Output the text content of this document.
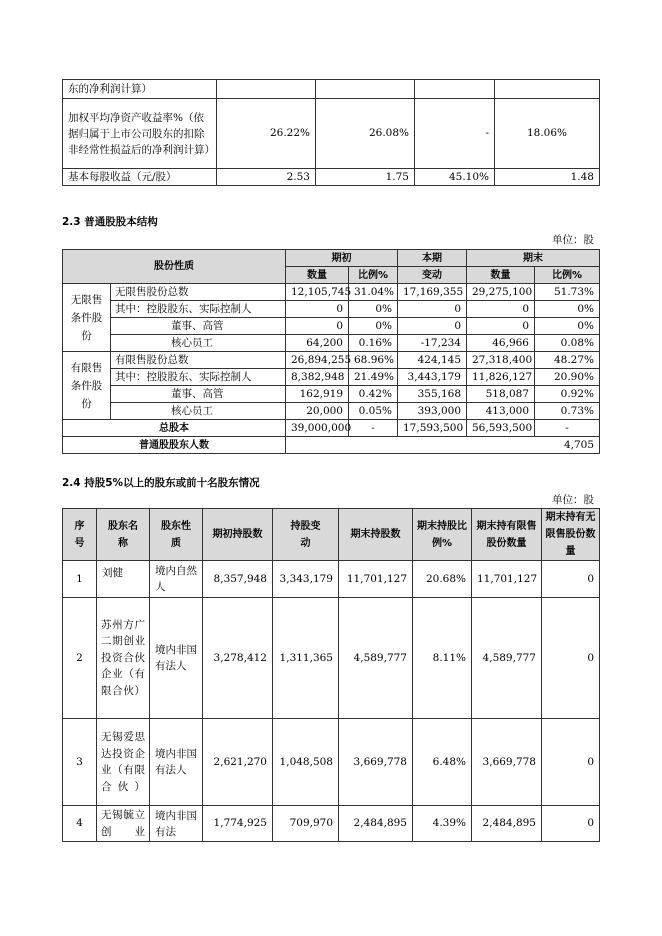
东的净利润计算）				
加权平均净资产收益率%（依据归属于上市公司股东的扣除非经常性损益后的净利润计算）	26.22%	26.08%	-	18.06%
基本每股收益（元/股）	2.53	1.75	45.10%	1.48
2.3 普通股股本结构
单位：股
股份性质		期初		本期	期末	
		数量	比例%	变动	数量	比例%
无限售条件股份	无限售股份总数	12,105,745	31.04%	17,169,355	29,275,100	51.73%
	其中：控股股东、实际控制人	0	0%	0	0	0%
	董事、高管	0	0%	0	0	0%
	核心员工	64,200	0.16%	-17,234	46,966	0.08%
有限售条件股份	有限售股份总数	26,894,255	68.96%	424,145	27,318,400	48.27%
	其中：控股股东、实际控制人	8,382,948	21.49%	3,443,179	11,826,127	20.90%
	董事、高管	162,919	0.42%	355,168	518,087	0.92%
	核心员工	20,000	0.05%	393,000	413,000	0.73%
总股本		39,000,000	-	17,593,500	56,593,500	-
普通股股东人数		4,705				
2.4 持股5%以上的股东或前十名股东情况
单位：股
序号	股东名称	股东性质	期初持股数	持股变动	期末持股数	期末持股比例%	期末持有限售股份数量	期末持有无限售股份数量
1	刘健	境内自然人	8,357,948	3,343,179	11,701,127	20.68%	11,701,127	0
2	苏州方广二期创业投资合伙企业（有限合伙）	境内非国有法人	3,278,412	1,311,365	4,589,777	8.11%	4,589,777	0
3	无锡爱思达投资企业（有限合伙）	境内非国有法人	2,621,270	1,048,508	3,669,778	6.48%	3,669,778	0
4	无锡毓立创业	境内非国有法	1,774,925	709,970	2,484,895	4.39%	2,484,895	0
